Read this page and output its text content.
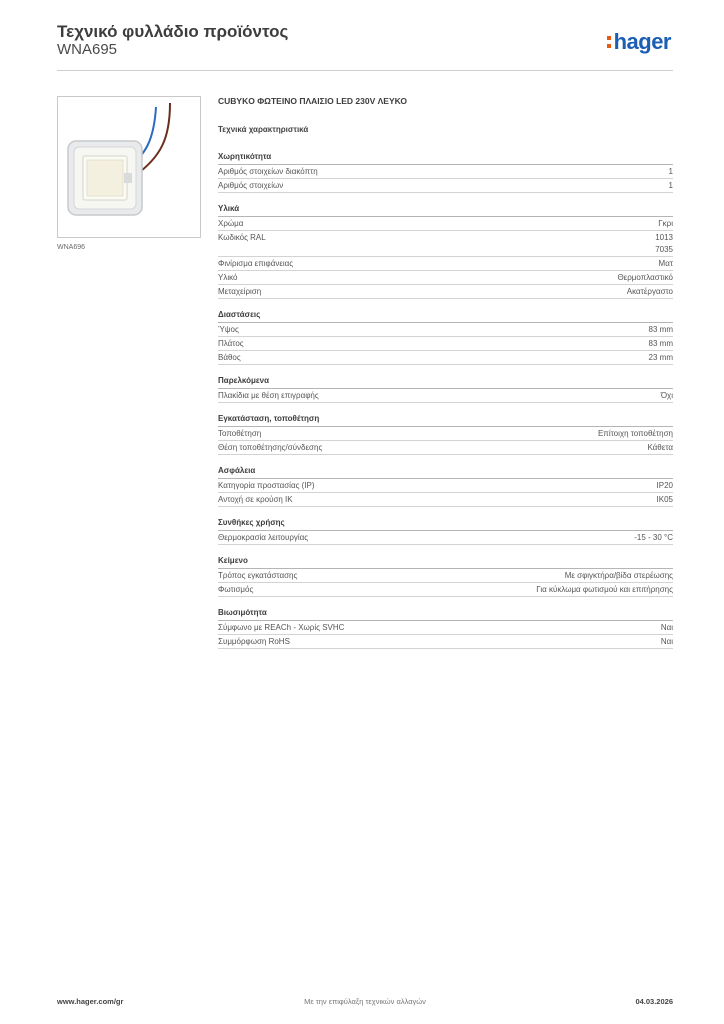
Τεχνικό φυλλάδιο προϊόντος
WNA695	hager
WNA696
CUBYKO ΦΩΤΕΙΝΟ ΠΛΑΙΣΙΟ LED 230V ΛΕΥΚΟ
Τεχνικά χαρακτηριστικά
Χωρητικότητα
Αριθμός στοιχείων διακόπτη	1
Αριθμός στοιχείων	1
Υλικά
Χρώμα	Γκρι
Κωδικός RAL	1013
7035
Φινίρισμα επιφάνειας	Ματ
Υλικό	Θερμοπλαστικό
Μεταχείριση	Ακατέργαστο
Διαστάσεις
Ύψος	83 mm
Πλάτος	83 mm
Βάθος	23 mm
Παρελκόμενα
Πλακίδια με θέση επιγραφής	Όχι
Εγκατάσταση, τοποθέτηση
Τοποθέτηση	Επίτοιχη τοποθέτηση
Θέση τοποθέτησης/σύνδεσης	Κάθετα
Ασφάλεια
Κατηγορία προστασίας (IP)	IP20
Αντοχή σε κρούση IK	IK05
Συνθήκες χρήσης
Θερμοκρασία λειτουργίας	-15 - 30 °C
Κείμενο
Τρόπος εγκατάστασης	Με σφιγκτήρα/βίδα στερέωσης
Φωτισμός	Για κύκλωμα φωτισμού και επιτήρησης
Βιωσιμότητα
Σύμφωνο με REACh - Χωρίς SVHC	Ναι
Συμμόρφωση RoHS	Ναι
Με την επιφύλαξη τεχνικών αλλαγών
www.hager.com/gr	04.03.2026
